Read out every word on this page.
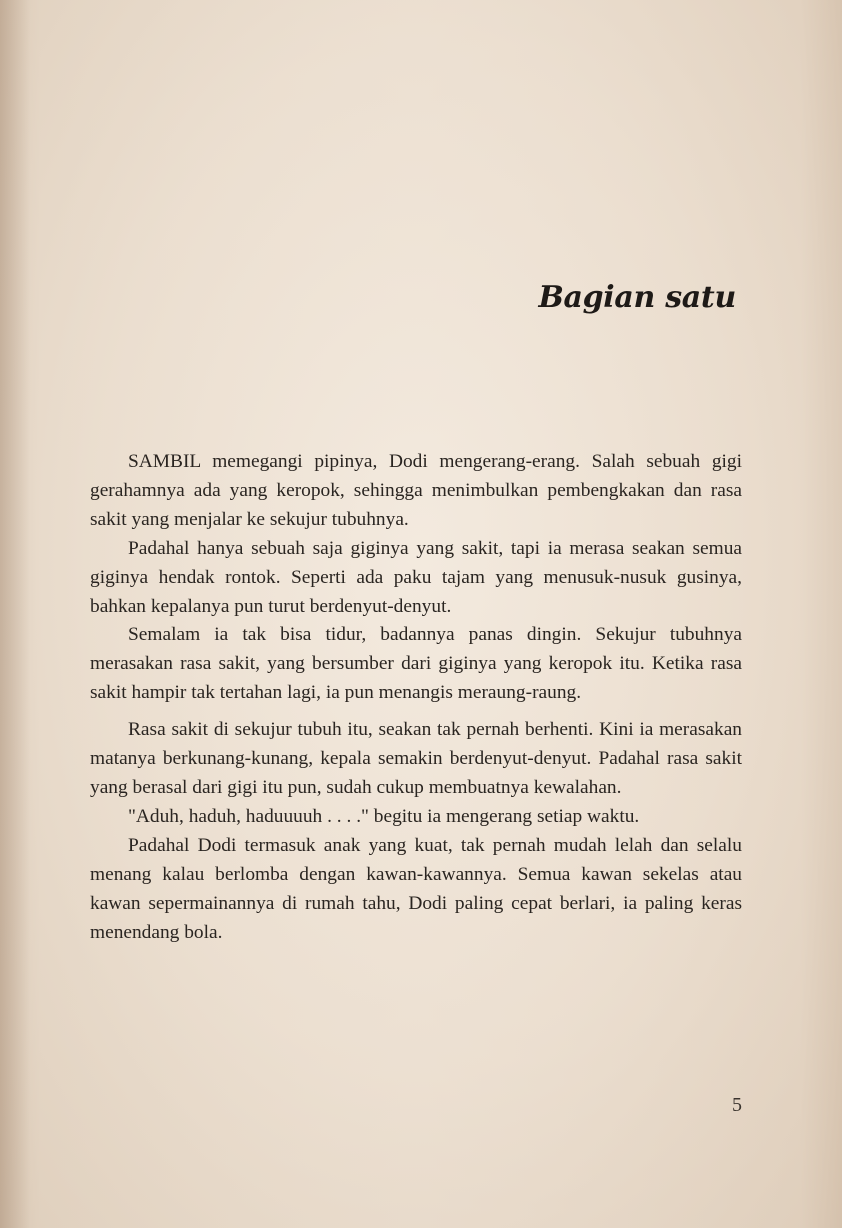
Bagian satu

SAMBIL memegangi pipinya, Dodi mengerang-erang. Salah sebuah gigi gerahamnya ada yang keropok, sehingga menimbulkan pembengkakan dan rasa sakit yang menjalar ke sekujur tubuhnya.

Padahal hanya sebuah saja giginya yang sakit, tapi ia merasa seakan semua giginya hendak rontok. Seperti ada paku tajam yang menusuk-nusuk gusinya, bahkan kepalanya pun turut berdenyut-denyut.

Semalam ia tak bisa tidur, badannya panas dingin. Sekujur tubuhnya merasakan rasa sakit, yang bersumber dari giginya yang keropok itu. Ketika rasa sakit hampir tak tertahan lagi, ia pun menangis meraung-raung.

Rasa sakit di sekujur tubuh itu, seakan tak pernah berhenti. Kini ia merasakan matanya berkunang-kunang, kepala semakin berdenyut-denyut. Padahal rasa sakit yang berasal dari gigi itu pun, sudah cukup membuatnya kewalahan.

"Aduh, haduh, haduuuuh . . . ." begitu ia mengerang setiap waktu.

Padahal Dodi termasuk anak yang kuat, tak pernah mudah lelah dan selalu menang kalau berlomba dengan kawan-kawannya. Semua kawan sekelas atau kawan sepermainannya di rumah tahu, Dodi paling cepat berlari, ia paling keras menendang bola.

5
